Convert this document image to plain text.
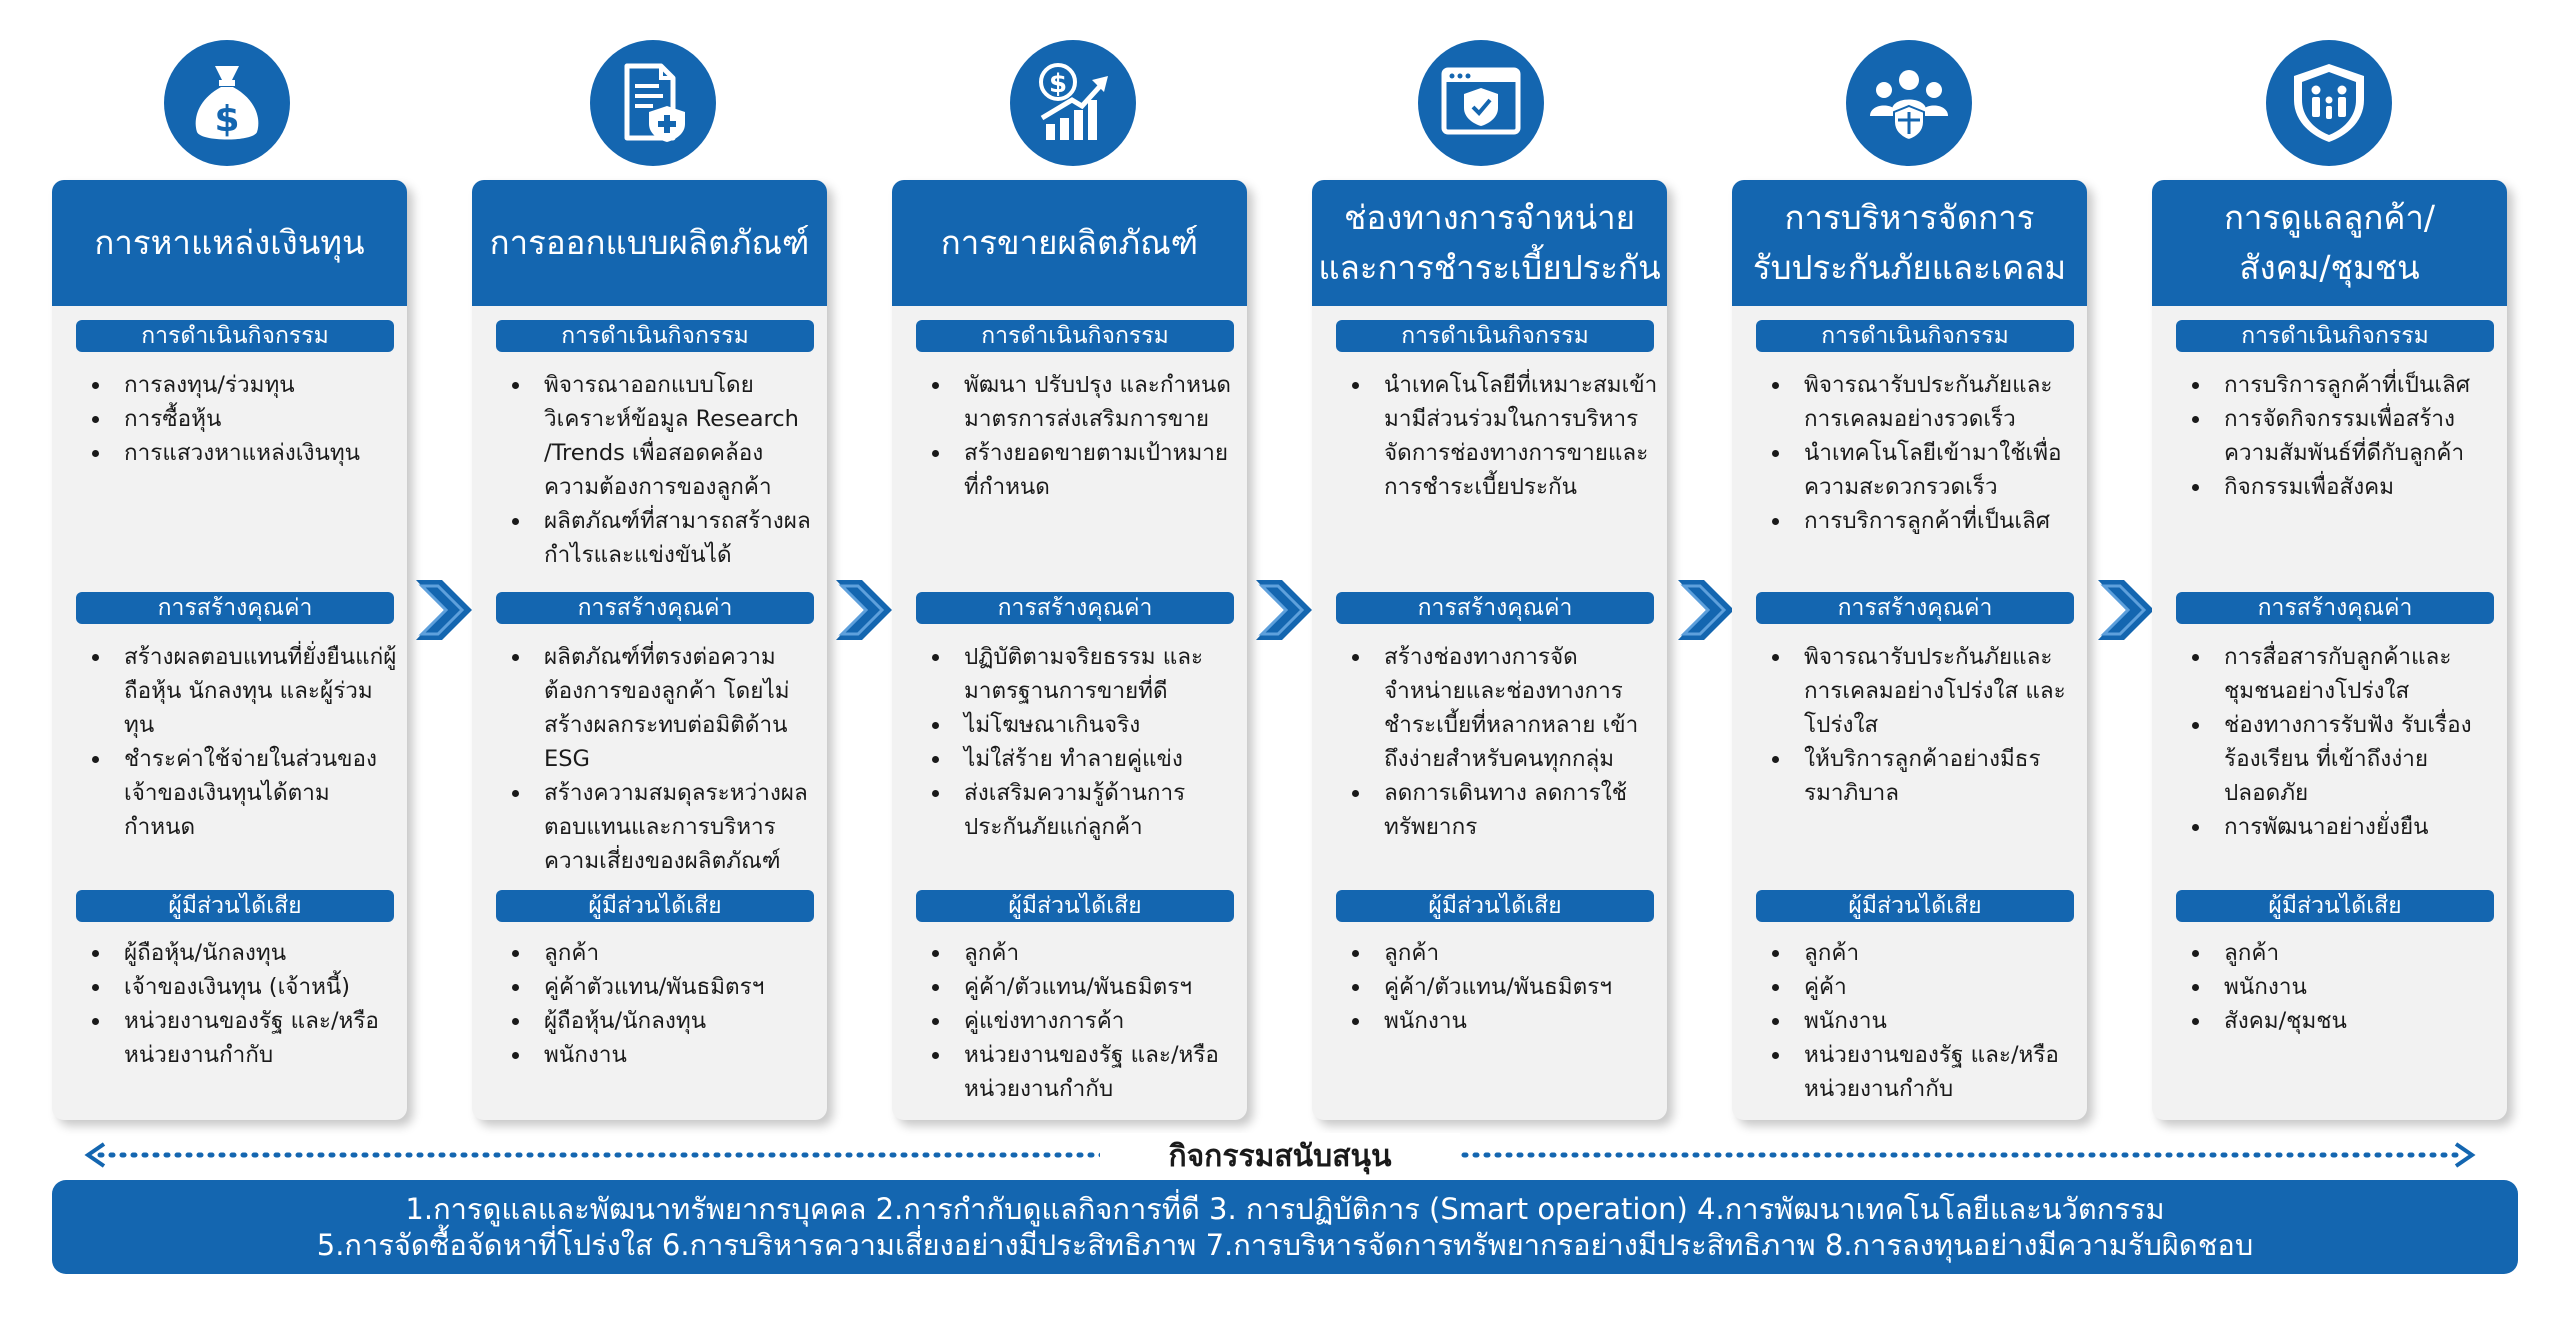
$
$
การหาแหล่งเงินทุน
การดำเนินกิจกรรม
การลงทุน/ร่วมทุน
การซื้อหุ้น
การแสวงหาแหล่งเงินทุน
การสร้างคุณค่า
สร้างผลตอบแทนที่ยั่งยืนแก่ผู้ถือหุ้น นักลงทุน และผู้ร่วมทุน
ชำระค่าใช้จ่ายในส่วนของเจ้าของเงินทุนได้ตามกำหนด
ผู้มีส่วนได้เสีย
ผู้ถือหุ้น/นักลงทุน
เจ้าของเงินทุน (เจ้าหนี้)
หน่วยงานของรัฐ และ/หรือ หน่วยงานกำกับ
การออกแบบผลิตภัณฑ์
การดำเนินกิจกรรม
พิจารณาออกแบบโดยวิเคราะห์ข้อมูล Research /Trends เพื่อสอดคล้องความต้องการของลูกค้า
ผลิตภัณฑ์ที่สามารถสร้างผลกำไรและแข่งขันได้
การสร้างคุณค่า
ผลิตภัณฑ์ที่ตรงต่อความต้องการของลูกค้า โดยไม่สร้างผลกระทบต่อมิติด้าน ESG
สร้างความสมดุลระหว่างผลตอบแทนและการบริหารความเสี่ยงของผลิตภัณฑ์
ผู้มีส่วนได้เสีย
ลูกค้า
คู่ค้าตัวแทน/พันธมิตรฯ
ผู้ถือหุ้น/นักลงทุน
พนักงาน
การขายผลิตภัณฑ์
การดำเนินกิจกรรม
พัฒนา ปรับปรุง และกำหนดมาตรการส่งเสริมการขาย
สร้างยอดขายตามเป้าหมายที่กำหนด
การสร้างคุณค่า
ปฏิบัติตามจริยธรรม และมาตรฐานการขายที่ดี
ไม่โฆษณาเกินจริง
ไม่ใส่ร้าย ทำลายคู่แข่ง
ส่งเสริมความรู้ด้านการประกันภัยแก่ลูกค้า
ผู้มีส่วนได้เสีย
ลูกค้า
คู่ค้า/ตัวแทน/พันธมิตรฯ
คู่แข่งทางการค้า
หน่วยงานของรัฐ และ/หรือ หน่วยงานกำกับ
ช่องทางการจำหน่าย
และการชำระเบี้ยประกัน
การดำเนินกิจกรรม
นำเทคโนโลยีที่เหมาะสมเข้ามามีส่วนร่วมในการบริหารจัดการช่องทางการขายและการชำระเบี้ยประกัน
การสร้างคุณค่า
สร้างช่องทางการจัดจำหน่ายและช่องทางการชำระเบี้ยที่หลากหลาย เข้าถึงง่ายสำหรับคนทุกกลุ่ม
ลดการเดินทาง ลดการใช้ทรัพยากร
ผู้มีส่วนได้เสีย
ลูกค้า
คู่ค้า/ตัวแทน/พันธมิตรฯ
พนักงาน
การบริหารจัดการ
รับประกันภัยและเคลม
การดำเนินกิจกรรม
พิจารณารับประกันภัยและการเคลมอย่างรวดเร็ว
นำเทคโนโลยีเข้ามาใช้เพื่อความสะดวกรวดเร็ว
การบริการลูกค้าที่เป็นเลิศ
การสร้างคุณค่า
พิจารณารับประกันภัยและการเคลมอย่างโปร่งใส และโปร่งใส
ให้บริการลูกค้าอย่างมีธรรมาภิบาล
ผู้มีส่วนได้เสีย
ลูกค้า
คู่ค้า
พนักงาน
หน่วยงานของรัฐ และ/หรือ หน่วยงานกำกับ
การดูแลลูกค้า/
สังคม/ชุมชน
การดำเนินกิจกรรม
การบริการลูกค้าที่เป็นเลิศ
การจัดกิจกรรมเพื่อสร้างความสัมพันธ์ที่ดีกับลูกค้า
กิจกรรมเพื่อสังคม
การสร้างคุณค่า
การสื่อสารกับลูกค้าและชุมชนอย่างโปร่งใส
ช่องทางการรับฟัง รับเรื่องร้องเรียน ที่เข้าถึงง่าย ปลอดภัย
การพัฒนาอย่างยั่งยืน
ผู้มีส่วนได้เสีย
ลูกค้า
พนักงาน
สังคม/ชุมชน
กิจกรรมสนับสนุน
1.การดูแลและพัฒนาทรัพยากรบุคคล 2.การกำกับดูแลกิจการที่ดี 3. การปฏิบัติการ (Smart operation) 4.การพัฒนาเทคโนโลยีและนวัตกรรม
5.การจัดซื้อจัดหาที่โปร่งใส 6.การบริหารความเสี่ยงอย่างมีประสิทธิภาพ 7.การบริหารจัดการทรัพยากรอย่างมีประสิทธิภาพ 8.การลงทุนอย่างมีความรับผิดชอบ
